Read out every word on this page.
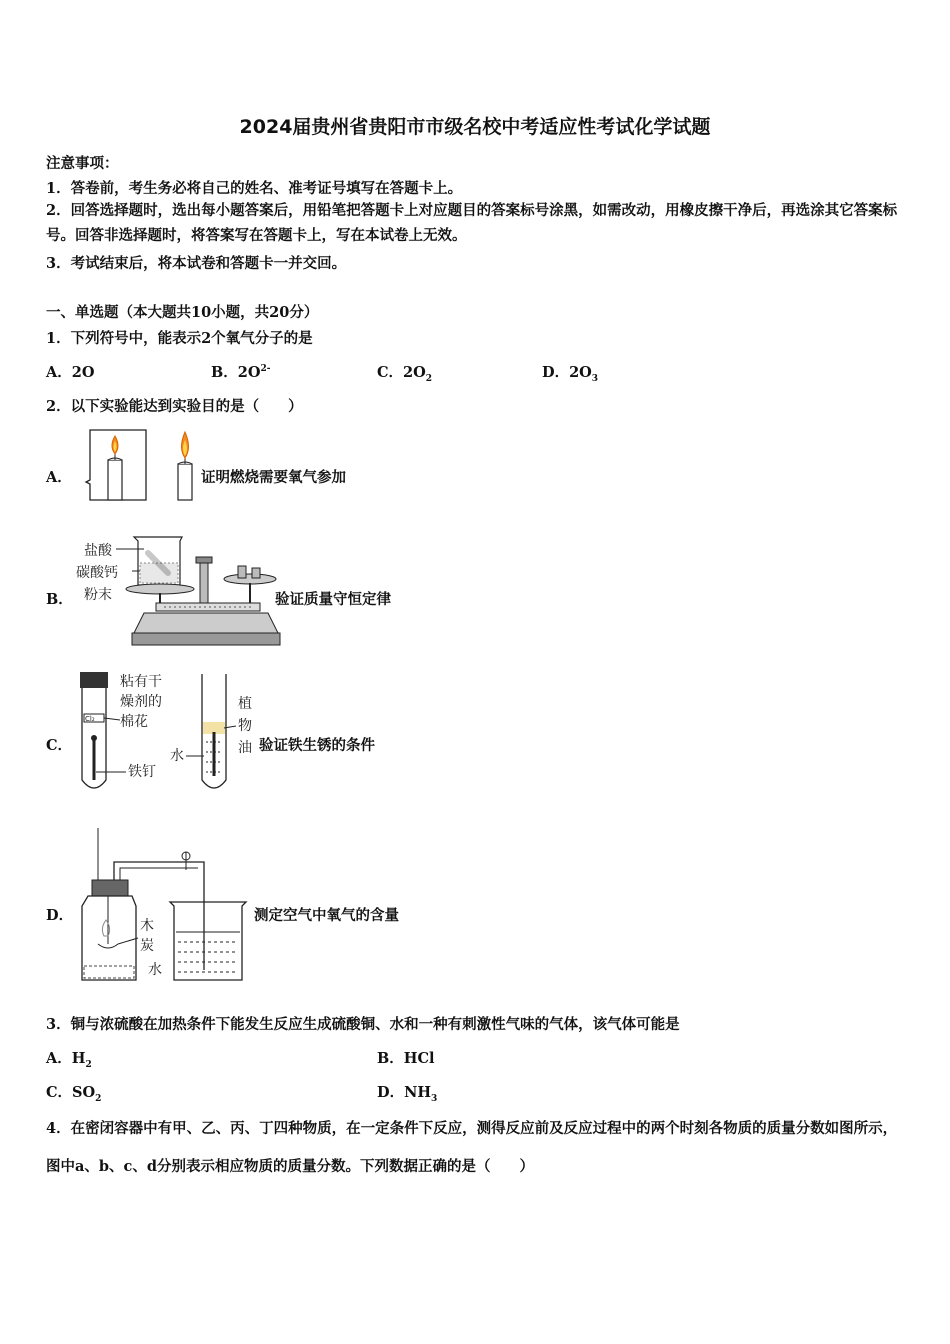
2024届贵州省贵阳市市级名校中考适应性考试化学试题
注意事项：
1．答卷前，考生务必将自己的姓名、准考证号填写在答题卡上。
2．回答选择题时，选出每小题答案后，用铅笔把答题卡上对应题目的答案标号涂黑，如需改动，用橡皮擦干净后，再选涂其它答案标号。回答非选择题时，将答案写在答题卡上，写在本试卷上无效。
3．考试结束后，将本试卷和答题卡一并交回。
一、单选题（本大题共10小题，共20分）
1．下列符号中，能表示2个氧气分子的是
A．2O	B．$2O^{2-}$	C．$2O_2$	D．$2O_3$
2．以下实验能达到实验目的是（　　）
A．	证明燃烧需要氧气参加
B．
盐酸
碳酸钙
粉末	验证质量守恒定律
C．
Cl₂
粘有干
燥剂的
棉花
铁钉
植
物
油
水
验证铁生锈的条件
D．
木
炭
水
测定空气中氧气的含量
3．铜与浓硫酸在加热条件下能发生反应生成硫酸铜、水和一种有刺激性气味的气体，该气体可能是
A．$H_2$	B．HCl
C．$SO_2$	D．$NH_3$
4．在密闭容器中有甲、乙、丙、丁四种物质，在一定条件下反应，测得反应前及反应过程中的两个时刻各物质的质量分数如图所示，图中a、b、c、d分别表示相应物质的质量分数。下列数据正确的是（　　）
